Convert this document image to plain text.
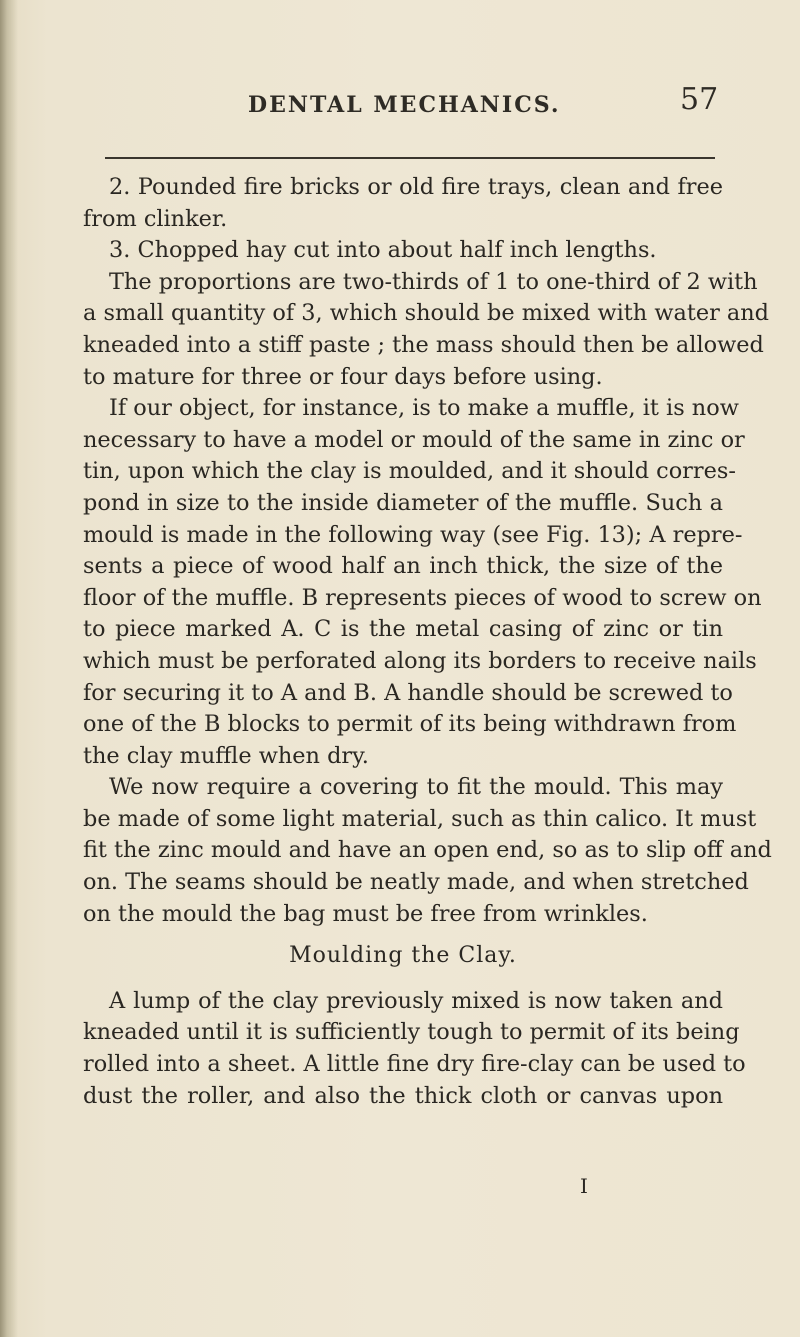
DENTAL MECHANICS.	57
2. Pounded fire bricks or old fire trays, clean and free
from clinker.
3. Chopped hay cut into about half inch lengths.
The proportions are two-thirds of 1 to one-third of 2 with
a small quantity of 3, which should be mixed with water and
kneaded into a stiff paste ; the mass should then be allowed
to mature for three or four days before using.
If our object, for instance, is to make a muffle, it is now
necessary to have a model or mould of the same in zinc or
tin, upon which the clay is moulded, and it should corres-
pond in size to the inside diameter of the muffle. Such a
mould is made in the following way (see Fig. 13); A repre-
sents a piece of wood half an inch thick, the size of the
floor of the muffle. B represents pieces of wood to screw on
to piece marked A. C is the metal casing of zinc or tin
which must be perforated along its borders to receive nails
for securing it to A and B. A handle should be screwed to
one of the B blocks to permit of its being withdrawn from
the clay muffle when dry.
We now require a covering to fit the mould. This may
be made of some light material, such as thin calico. It must
fit the zinc mould and have an open end, so as to slip off and
on. The seams should be neatly made, and when stretched
on the mould the bag must be free from wrinkles.
Moulding the Clay.
A lump of the clay previously mixed is now taken and
kneaded until it is sufficiently tough to permit of its being
rolled into a sheet. A little fine dry fire-clay can be used to
dust the roller, and also the thick cloth or canvas upon
I
